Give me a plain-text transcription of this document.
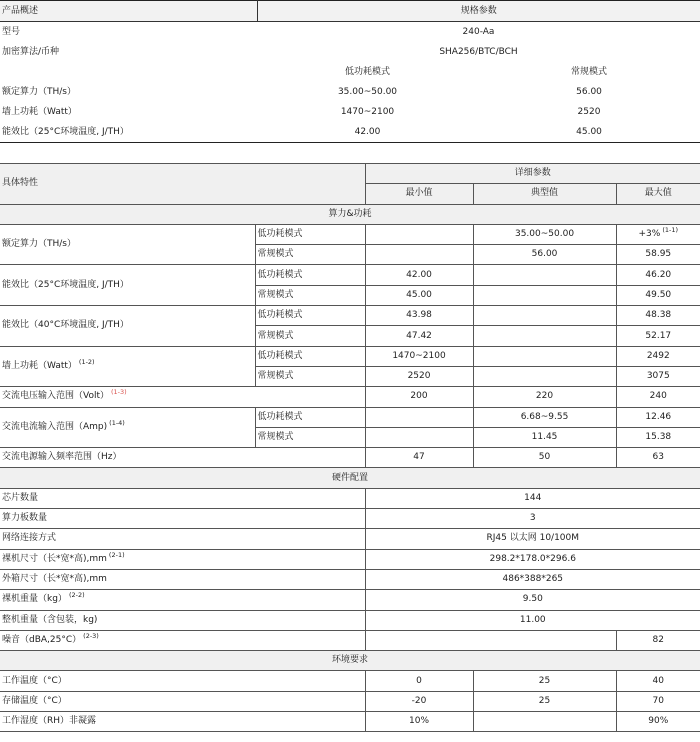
产品概述	规格参数	
型号	240-Aa	
加密算法/币种	SHA256/BTC/BCH	
	低功耗模式	常规模式
额定算力（TH/s）	35.00~50.00	56.00
墙上功耗（Watt）	1470~2100	2520
能效比（25°C环境温度, J/TH）	42.00	45.00
具体特性		详细参数		
		最小值	典型值	最大值
算力&功耗				
额定算力（TH/s）	低功耗模式		35.00~50.00	+3% $^{(1-1)}$
	常规模式		56.00	58.95
能效比（25°C环境温度, J/TH）	低功耗模式	42.00		46.20
	常规模式	45.00		49.50
能效比（40°C环境温度, J/TH）	低功耗模式	43.98		48.38
	常规模式	47.42		52.17
墙上功耗（Watt） $^{(1-2)}$	低功耗模式	1470~2100		2492
	常规模式	2520		3075
交流电压输入范围（Volt） $^{(1-3)}$		200	220	240
交流电流输入范围（Amp) $^{(1-4)}$	低功耗模式		6.68~9.55	12.46
	常规模式		11.45	15.38
交流电源输入频率范围（Hz）		47	50	63
硬件配置				
芯片数量		144		
算力板数量		3		
网络连接方式		RJ45 以太网 10/100M		
裸机尺寸（长*宽*高),mm $^{(2-1)}$		298.2*178.0*296.6		
外箱尺寸（长*宽*高),mm		486*388*265		
裸机重量（kg） $^{(2-2)}$		9.50		
整机重量（含包装，kg)		11.00		
噪音（dBA,25°C） $^{(2-3)}$				82
环境要求				
工作温度（°C）		0	25	40
存储温度（°C）		-20	25	70
工作湿度（RH）非凝露		10%		90%
